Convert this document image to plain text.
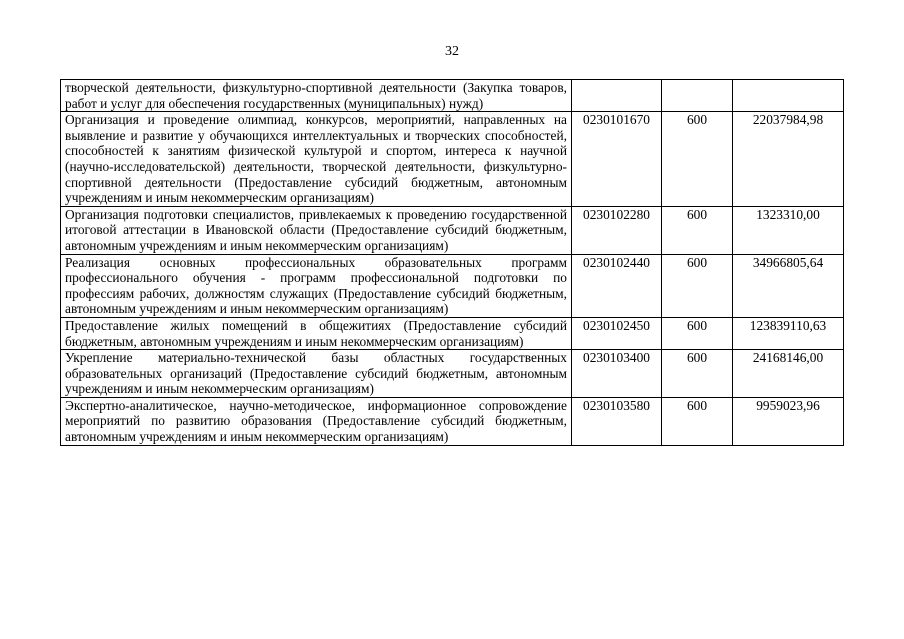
32
творческой деятельности, физкультурно-спортивной деятельности (Закупка товаров, работ и услуг для обеспечения государственных (муниципальных) нужд)			
Организация и проведение олимпиад, конкурсов, мероприятий, направленных на выявление и развитие у обучающихся интеллектуальных и творческих способностей, способностей к занятиям физической культурой и спортом, интереса к научной (научно-исследовательской) деятельности, творческой деятельности, физкультурно-спортивной деятельности (Предоставление субсидий бюджетным, автономным учреждениям и иным некоммерческим организациям)	0230101670	600	22037984,98
Организация подготовки специалистов, привлекаемых к проведению государственной итоговой аттестации в Ивановской области (Предоставление субсидий бюджетным, автономным учреждениям и иным некоммерческим организациям)	0230102280	600	1323310,00
Реализация основных профессиональных образовательных программ профессионального обучения - программ профессиональной подготовки по профессиям рабочих, должностям служащих (Предоставление субсидий бюджетным, автономным учреждениям и иным некоммерческим организациям)	0230102440	600	34966805,64
Предоставление жилых помещений в общежитиях (Предоставление субсидий бюджетным, автономным учреждениям и иным некоммерческим организациям)	0230102450	600	123839110,63
Укрепление материально-технической базы областных государственных образовательных организаций (Предоставление субсидий бюджетным, автономным учреждениям и иным некоммерческим организациям)	0230103400	600	24168146,00
Экспертно-аналитическое, научно-методическое, информационное сопровождение мероприятий по развитию образования (Предоставление субсидий бюджетным, автономным учреждениям и иным некоммерческим организациям)	0230103580	600	9959023,96
